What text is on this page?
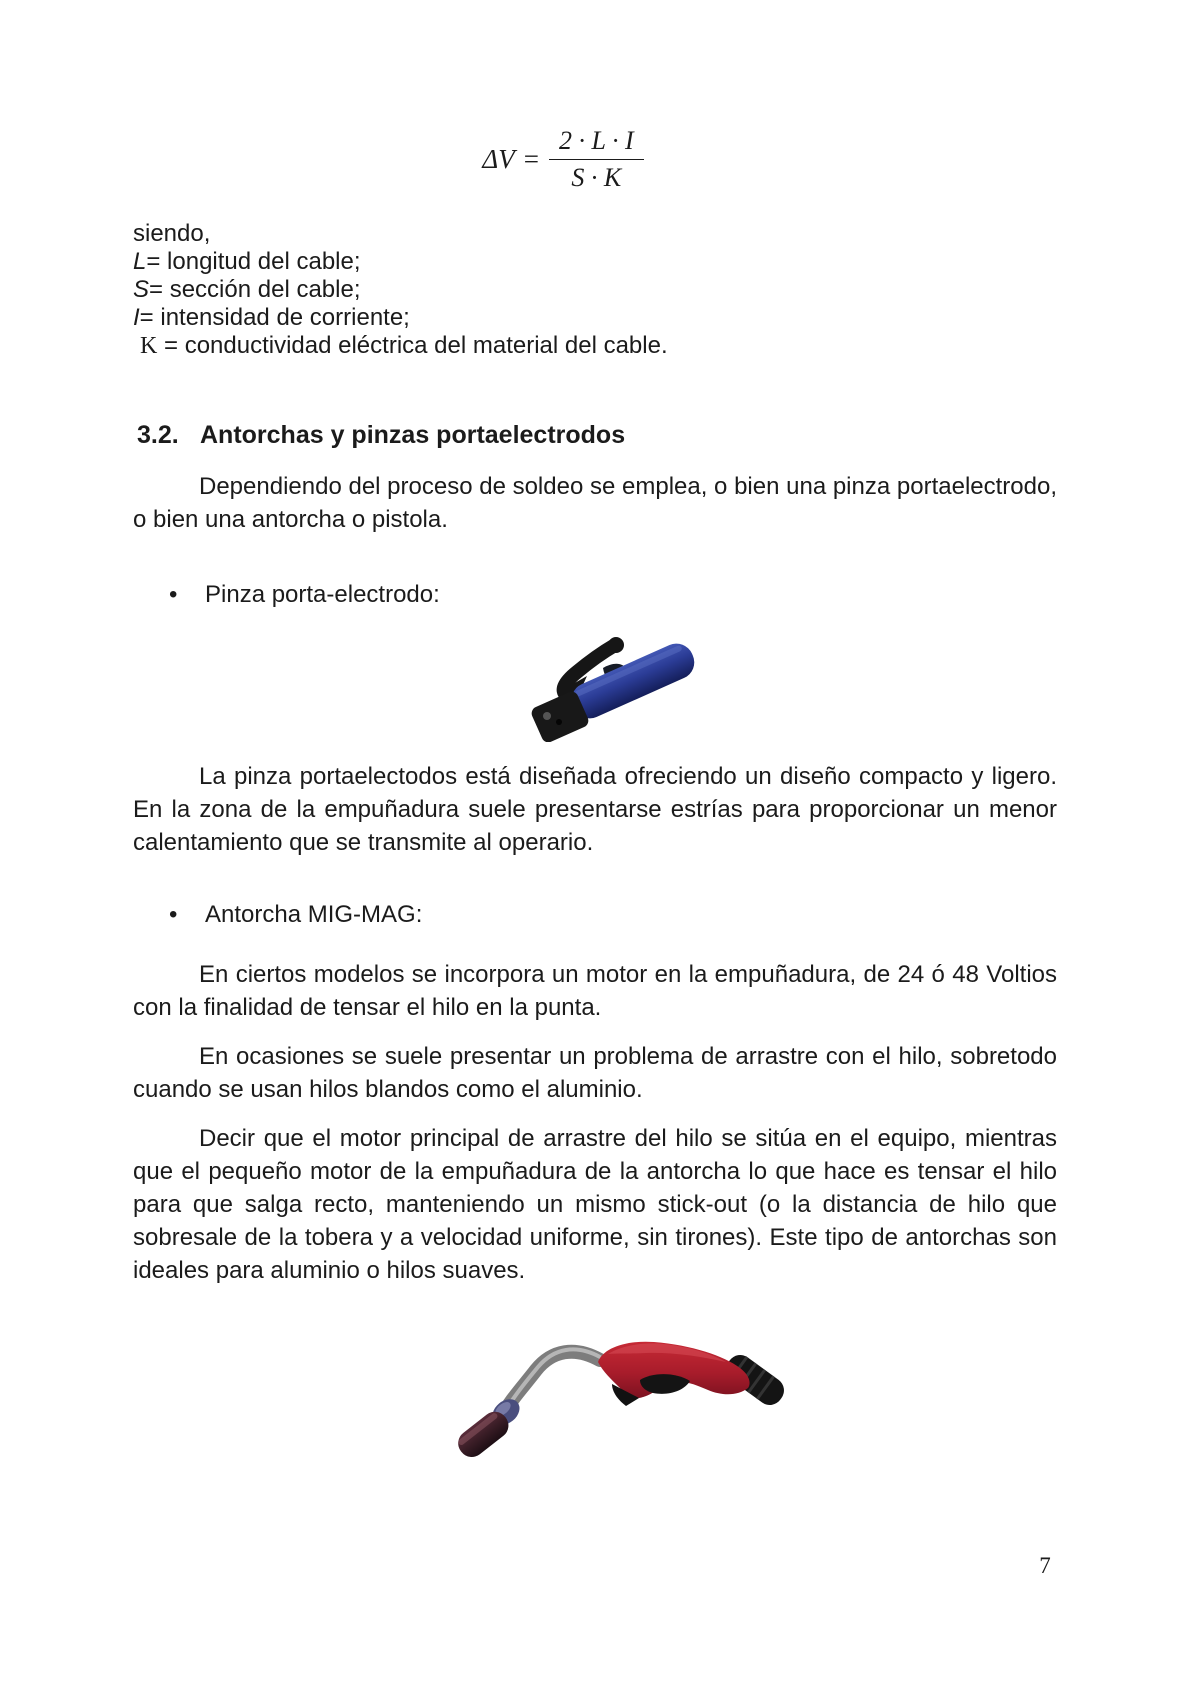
$\Delta V = \frac{2 \cdot L \cdot I}{S \cdot K}$
siendo,
L= longitud del cable;
S= sección del cable;
I= intensidad de corriente;
K = conductividad eléctrica del material del cable.
3.2. Antorchas y pinzas portaelectrodos
Dependiendo del proceso de soldeo se emplea, o bien una pinza portaelectrodo, o bien una antorcha o pistola.
•	Pinza porta-electrodo:
La pinza portaelectodos está diseñada ofreciendo un diseño compacto y ligero. En la zona de la empuñadura suele presentarse estrías para proporcionar un menor calentamiento que se transmite al operario.
•	Antorcha MIG-MAG:
En ciertos modelos se incorpora un motor en la empuñadura, de 24 ó 48 Voltios con la finalidad de tensar el hilo en la punta.
En ocasiones se suele presentar un problema de arrastre con el hilo, sobretodo cuando se usan hilos blandos como el aluminio.
Decir que el motor principal de arrastre del hilo se sitúa en el equipo, mientras que el pequeño motor de la empuñadura de la antorcha lo que hace es tensar el hilo para que salga recto, manteniendo un mismo stick-out (o la distancia de hilo que sobresale de la tobera y a velocidad uniforme, sin tirones). Este tipo de antorchas son ideales para aluminio o hilos suaves.
7
